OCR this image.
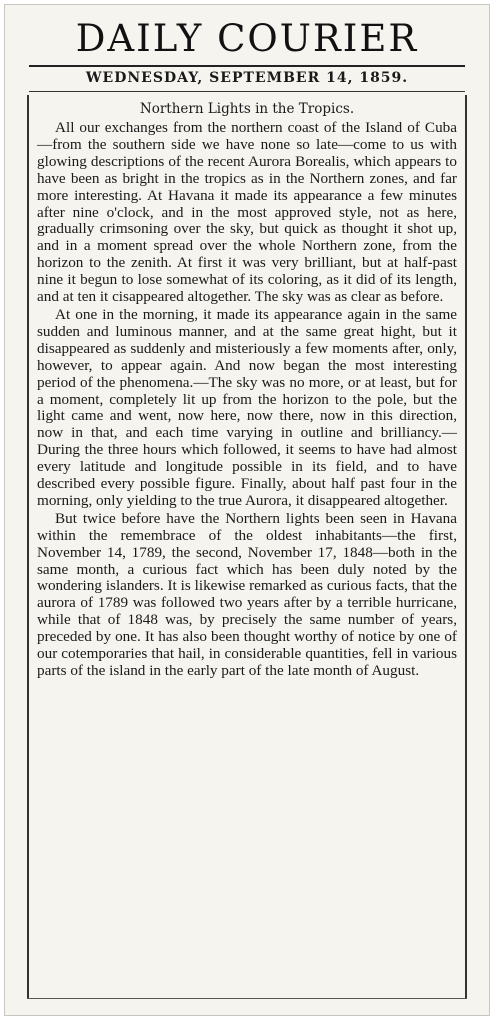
DAILY COURIER
WEDNESDAY, SEPTEMBER 14, 1859.
Northern Lights in the Tropics.

All our exchanges from the northern coast of the Island of Cuba—from the southern side we have none so late—come to us with glowing descriptions of the recent Aurora Borealis, which appears to have been as bright in the tropics as in the Northern zones, and far more interesting. At Havana it made its appearance a few minutes after nine o'clock, and in the most approved style, not as here, gradually crimsoning over the sky, but quick as thought it shot up, and in a moment spread over the whole Northern zone, from the horizon to the zenith. At first it was very brilliant, but at half-past nine it begun to lose somewhat of its coloring, as it did of its length, and at ten it cisappeared altogether. The sky was as clear as before.

At one in the morning, it made its appearance again in the same sudden and luminous manner, and at the same great hight, but it disappeared as suddenly and misteriously a few moments after, only, however, to appear again. And now began the most interesting period of the phenomena.—The sky was no more, or at least, but for a moment, completely lit up from the horizon to the pole, but the light came and went, now here, now there, now in this direction, now in that, and each time varying in outline and brilliancy.—During the three hours which followed, it seems to have had almost every latitude and longitude possible in its field, and to have described every possible figure. Finally, about half past four in the morning, only yielding to the true Aurora, it disappeared altogether.

But twice before have the Northern lights been seen in Havana within the remembrace of the oldest inhabitants—the first, November 14, 1789, the second, November 17, 1848—both in the same month, a curious fact which has been duly noted by the wondering islanders. It is likewise remarked as curious facts, that the aurora of 1789 was followed two years after by a terrible hurricane, while that of 1848 was, by precisely the same number of years, preceded by one. It has also been thought worthy of notice by one of our cotemporaries that hail, in considerable quantities, fell in various parts of the island in the early part of the late month of August.
